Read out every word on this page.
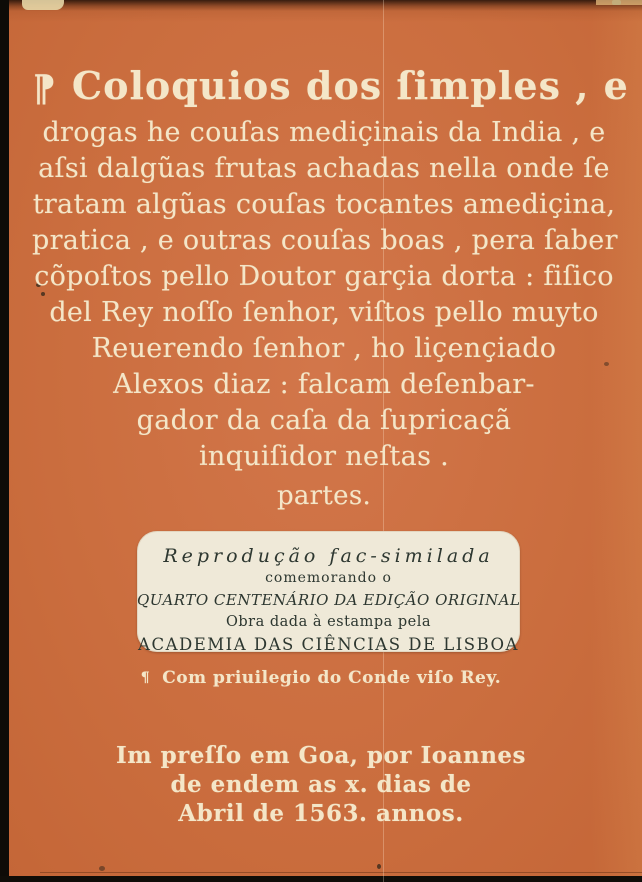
¶ Coloquios dos ſimples , e
drogas he couſas mediçinais da India , e
aſsi dalgũas frutas achadas nella onde ſe
tratam algũas couſas tocantes amediçina,
pratica , e outras couſas boas , pera ſaber
cõpoſtos pello Doutor garçia dorta : fiſico
del Rey noſſo ſenhor, viſtos pello muyto
Reuerendo ſenhor , ho liçençiado
Alexos diaz : falcam deſenbar-
gador da caſa da ſupricaçã
inquiſidor neſtas .
partes.
Reprodução fac-similada
comemorando o
QUARTO CENTENÁRIO DA EDIÇÃO ORIGINAL
Obra dada à estampa pela
ACADEMIA DAS CIÊNCIAS DE LISBOA
¶ Com priuilegio do Conde viſo Rey.
Im preſſo em Goa, por Ioannes
de endem as x. dias de
Abril de 1563. annos.
